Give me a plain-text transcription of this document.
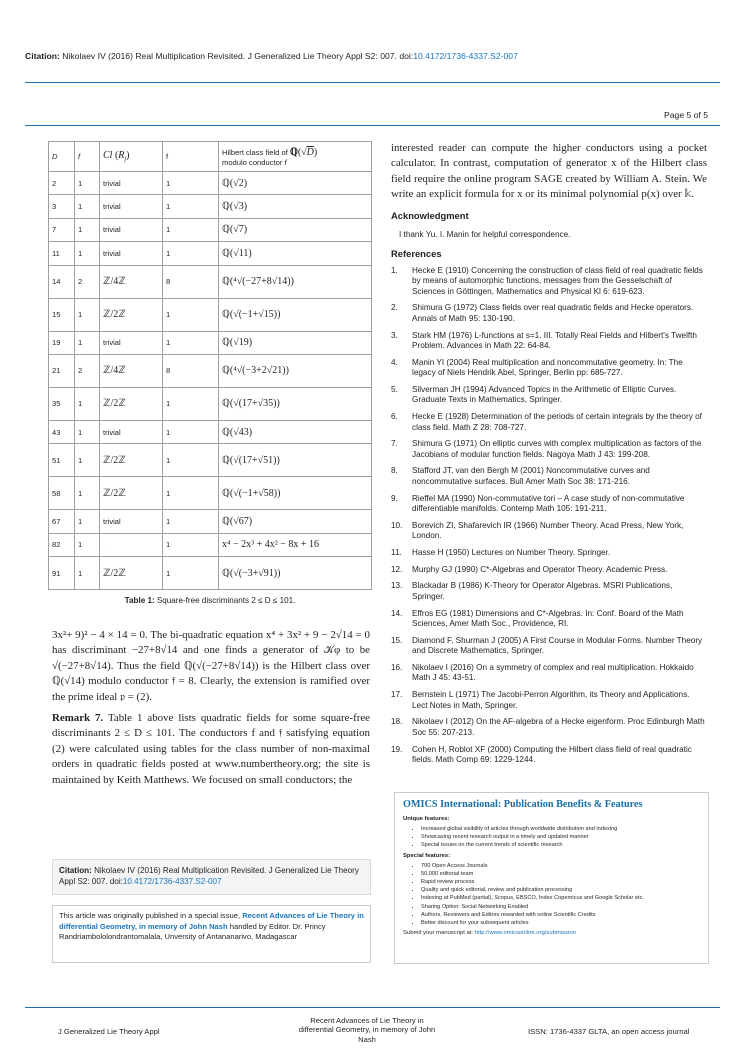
Citation: Nikolaev IV (2016) Real Multiplication Revisited. J Generalized Lie Theory Appl S2: 007. doi:10.4172/1736-4337.S2-007
Page 5 of 5
D	f	Cl $(R_f)$	f	Hilbert class field of ℚ(√D)
modulo conductor f
2	1	trivial	1	ℚ(√2)
3	1	trivial	1	ℚ(√3)
7	1	trivial	1	ℚ(√7)
11	1	trivial	1	ℚ(√11)
14	2	ℤ/4ℤ	8	ℚ(⁴√(−27+8√14))
15	1	ℤ/2ℤ	1	ℚ(√(−1+√15))
19	1	trivial	1	ℚ(√19)
21	2	ℤ/4ℤ	8	ℚ(⁴√(−3+2√21))
35	1	ℤ/2ℤ	1	ℚ(√(17+√35))
43	1	trivial	1	ℚ(√43)
51	1	ℤ/2ℤ	1	ℚ(√(17+√51))
58	1	ℤ/2ℤ	1	ℚ(√(−1+√58))
67	1	trivial	1	ℚ(√67)
82	1	...	1	x⁴ − 2x³ + 4x² − 8x + 16
91	1	ℤ/2ℤ	1	ℚ(√(−3+√91))
Table 1: Square-free discriminants 2 ≤ D ≤ 101.
3x²+ 9)² − 4 × 14 = 0. The bi-quadratic equation x⁴ + 3x² + 9 − 2√14 = 0 has discriminant −27+8√14 and one finds a generator of 𝒦φ to be √(−27+8√14). Thus the field ℚ(√(−27+8√14)) is the Hilbert class over ℚ(√14) modulo conductor 𝔣 = 8. Clearly, the extension is ramified over the prime ideal 𝔭 = (2).
Remark 7. Table 1 above lists quadratic fields for some square-free discriminants 2 ≤ D ≤ 101. The conductors f and 𝔣 satisfying equation (2) were calculated using tables for the class number of non-maximal orders in quadratic fields posted at www.numbertheory.org; the site is maintained by Keith Matthews. We focused on small conductors; the
interested reader can compute the higher conductors using a pocket calculator. In contrast, computation of generator x of the Hilbert class field require the online program SAGE created by William A. Stein. We write an explicit formula for x or its minimal polynomial p(x) over 𝕜.
Acknowledgment
I thank Yu. I. Manin for helpful correspondence.
References
1. Hecke E (1910) Concerning the construction of class field of real quadratic fields by means of automorphic functions, messages from the Gesselschaft of Sciences in Göttingen, Mathematics and Physical Kl 6: 619-623.
2. Shimura G (1972) Class fields over real quadratic fields and Hecke operators. Annals of Math 95: 130-190.
3. Stark HM (1976) L-functions at s=1. III. Totally Real Fields and Hilbert's Twelfth Problem. Advances in Math 22: 64-84.
4. Manin YI (2004) Real multiplication and noncommutative geometry. In: The legacy of Niels Hendrik Abel, Springer, Berlin pp: 685-727.
5. Silverman JH (1994) Advanced Topics in the Arithmetic of Elliptic Curves. Graduate Texts in Mathematics, Springer.
6. Hecke E (1928) Determination of the periods of certain integrals by the theory of class field. Math Z 28: 708-727.
7. Shimura G (1971) On elliptic curves with complex multiplication as factors of the Jacobians of modular function fields. Nagoya Math J 43: 199-208.
8. Stafford JT, van den Bergh M (2001) Noncommutative curves and noncommutative surfaces. Bull Amer Math Soc 38: 171-216.
9. Rieffel MA (1990) Non-commutative tori – A case study of non-commutative differentiable manifolds. Contemp Math 105: 191-211.
10. Borevich ZI, Shafarevich IR (1966) Number Theory. Acad Press, New York, London.
11. Hasse H (1950) Lectures on Number Theory. Springer.
12. Murphy GJ (1990) C*-Algebras and Operator Theory. Academic Press.
13. Blackadar B (1986) K-Theory for Operator Algebras. MSRI Publications, Springer.
14. Effros EG (1981) Dimensions and C*-Algebras. In: Conf. Board of the Math Sciences, Amer Math Soc., Providence, RI.
15. Diamond F, Shurman J (2005) A First Course in Modular Forms. Number Theory and Discrete Mathematics, Springer.
16. Nikolaev I (2016) On a symmetry of complex and real multiplication. Hokkaido Math J 45: 43-51.
17. Bernstein L (1971) The Jacobi-Perron Algorithm, its Theory and Applications. Lect Notes in Math, Springer.
18. Nikolaev I (2012) On the AF-algebra of a Hecke eigenform. Proc Edinburgh Math Soc 55: 207-213.
19. Cohen H, Roblot XF (2000) Computing the Hilbert class field of real quadratic fields. Math Comp 69: 1229-1244.
Citation: Nikolaev IV (2016) Real Multiplication Revisited. J Generalized Lie Theory Appl S2: 007. doi:10.4172/1736-4337.S2-007
This article was originally published in a special issue, Recent Advances of Lie Theory in differential Geometry, in memory of John Nash handled by Editor. Dr. Princy Randriambololondrantomalala, Unversity of Antananarivo, Madagascar
OMICS International: Publication Benefits & Features
Unique features:
• Increased global visibility of articles through worldwide distribution and indexing
• Showcasing recent research output in a timely and updated manner
• Special issues on the current trends of scientific research
Special features:
• 700 Open Access Journals
• 50,000 editorial team
• Rapid review process
• Quality and quick editorial, review and publication processing
• Indexing at PubMed (partial), Scopus, EBSCO, Index Copernicus and Google Scholar etc.
• Sharing Option: Social Networking Enabled
• Authors, Reviewers and Editors rewarded with online Scientific Credits
• Better discount for your subsequent articles
Submit your manuscript at: http://www.omicsonline.org/submission
J Generalized Lie Theory Appl
Recent Advances of Lie Theory in differential Geometry, in memory of John Nash
ISSN: 1736-4337 GLTA, an open access journal
